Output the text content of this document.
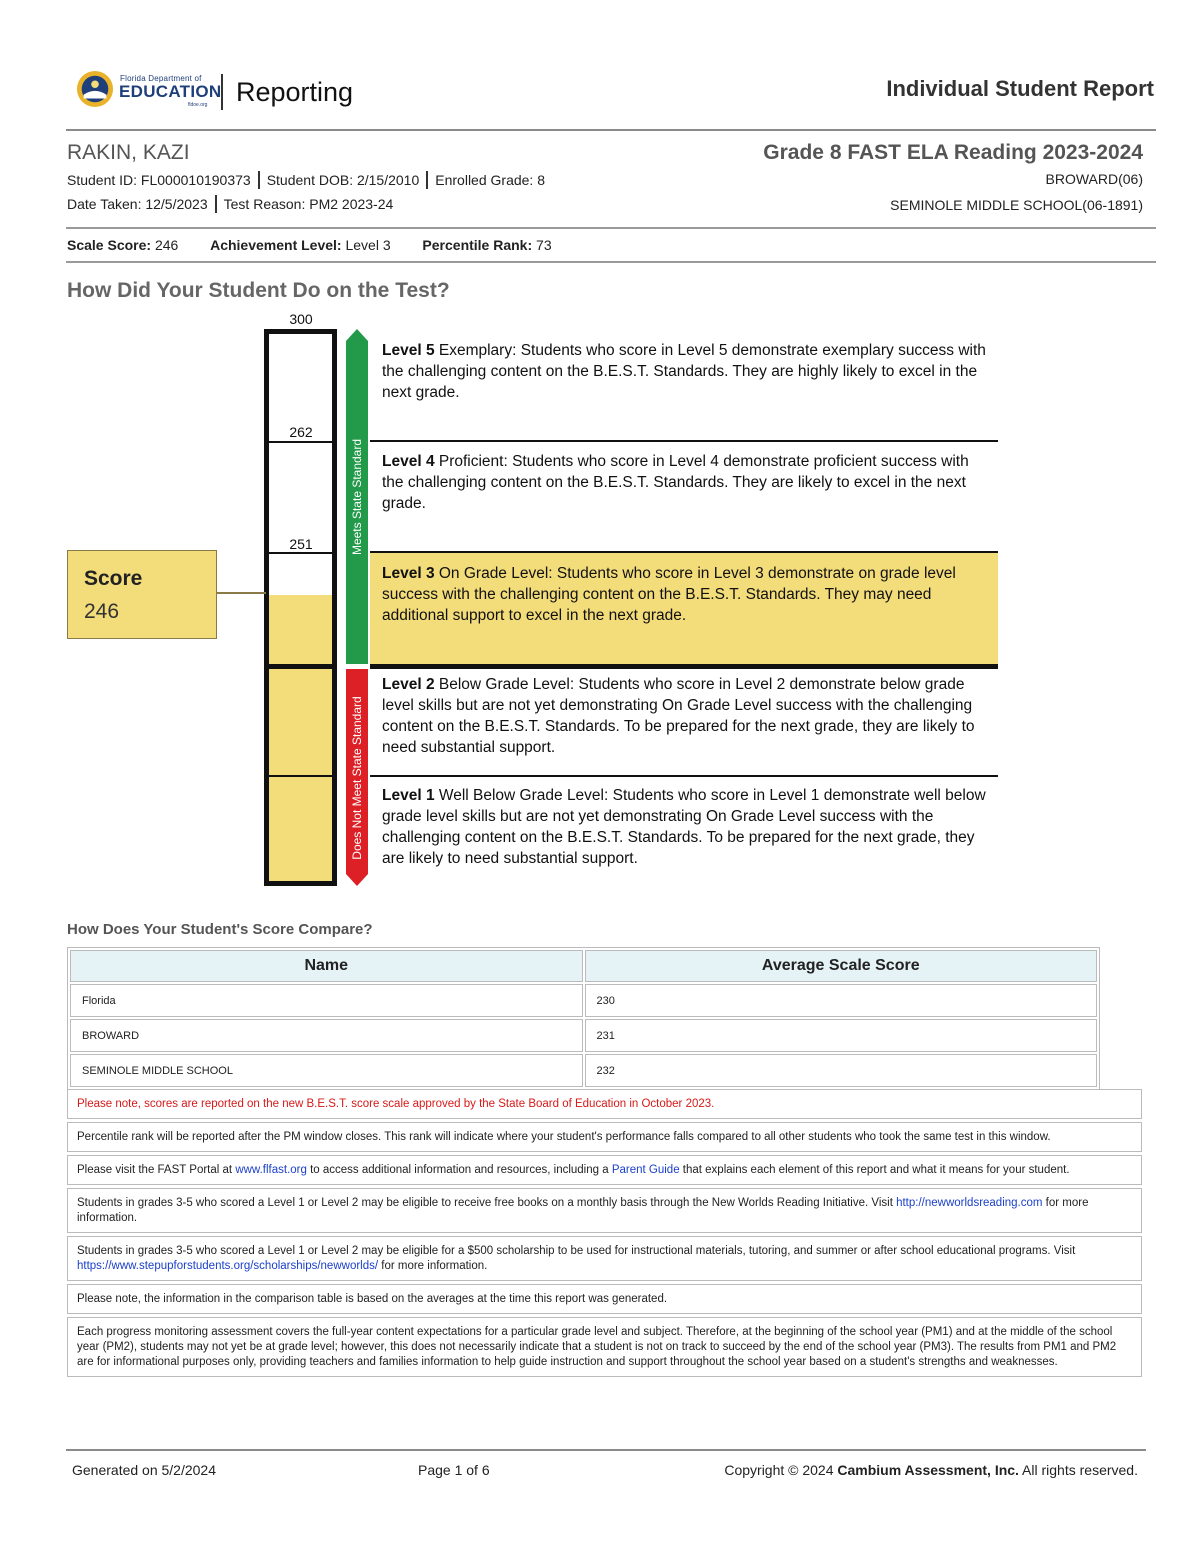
Florida Department of
EDUCATION
fldoe.org Reporting	Individual Student Report
RAKIN, KAZI	Grade 8 FAST ELA Reading 2023-2024
Student ID: FL000010190373 Student DOB: 2/15/2010 Enrolled Grade: 8
Date Taken: 12/5/2023 Test Reason: PM2 2023-24
BROWARD(06)
SEMINOLE MIDDLE SCHOOL(06-1891)
Scale Score: 246 Achievement Level: Level 3 Percentile Rank: 73
How Did Your Student Do on the Test?
300
262
251	Meets State Standard
Does Not Meet State Standard
Level 5 Exemplary: Students who score in Level 5 demonstrate exemplary success with the challenging content on the B.E.S.T. Standards. They are highly likely to excel in the next grade.
Level 4 Proficient: Students who score in Level 4 demonstrate proficient success with the challenging content on the B.E.S.T. Standards. They are likely to excel in the next grade.
Level 3 On Grade Level: Students who score in Level 3 demonstrate on grade level success with the challenging content on the B.E.S.T. Standards. They may need additional support to excel in the next grade.
Level 2 Below Grade Level: Students who score in Level 2 demonstrate below grade level skills but are not yet demonstrating On Grade Level success with the challenging content on the B.E.S.T. Standards. To be prepared for the next grade, they are likely to need substantial support.
Level 1 Well Below Grade Level: Students who score in Level 1 demonstrate well below grade level skills but are not yet demonstrating On Grade Level success with the challenging content on the B.E.S.T. Standards. To be prepared for the next grade, they are likely to need substantial support.
Score
246
How Does Your Student's Score Compare?
Name	Average Scale Score
Florida	230
BROWARD	231
SEMINOLE MIDDLE SCHOOL	232
Please note, scores are reported on the new B.E.S.T. score scale approved by the State Board of Education in October 2023.
Percentile rank will be reported after the PM window closes. This rank will indicate where your student's performance falls compared to all other students who took the same test in this window.
Please visit the FAST Portal at www.flfast.org to access additional information and resources, including a Parent Guide that explains each element of this report and what it means for your student.
Students in grades 3-5 who scored a Level 1 or Level 2 may be eligible to receive free books on a monthly basis through the New Worlds Reading Initiative. Visit http://newworldsreading.com for more information.
Students in grades 3-5 who scored a Level 1 or Level 2 may be eligible for a $500 scholarship to be used for instructional materials, tutoring, and summer or after school educational programs. Visit https://www.stepupforstudents.org/scholarships/newworlds/ for more information.
Please note, the information in the comparison table is based on the averages at the time this report was generated.
Each progress monitoring assessment covers the full-year content expectations for a particular grade level and subject. Therefore, at the beginning of the school year (PM1) and at the middle of the school year (PM2), students may not yet be at grade level; however, this does not necessarily indicate that a student is not on track to succeed by the end of the school year (PM3). The results from PM1 and PM2 are for informational purposes only, providing teachers and families information to help guide instruction and support throughout the school year based on a student's strengths and weaknesses.
Generated on 5/2/2024	Page 1 of 6	Copyright © 2024 Cambium Assessment, Inc. All rights reserved.
